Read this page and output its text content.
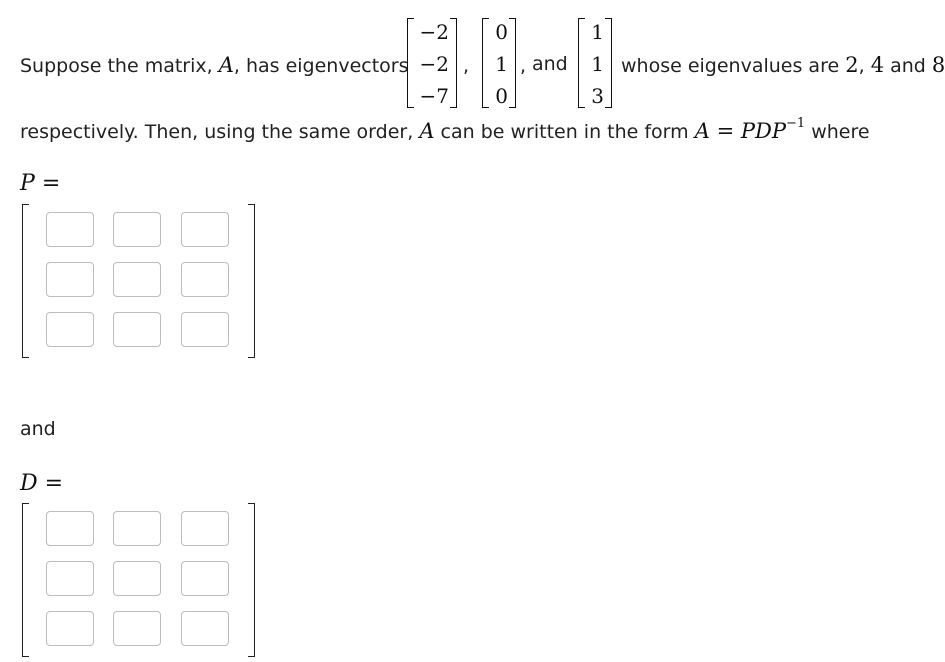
Suppose the matrix, A, has eigenvectors
−2
−2
−7
,
0
1
0
, and
1
1
3
whose eigenvalues are 2, 4 and 8
respectively. Then, using the same order, A can be written in the form $A = PDP^{-1}$ where
P =
and
D =
